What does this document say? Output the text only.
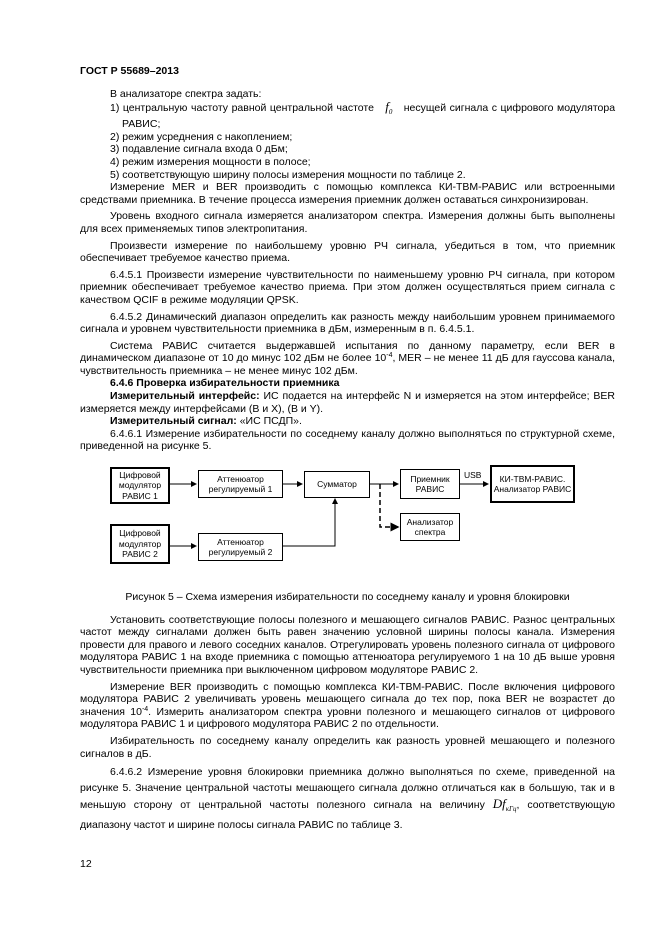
ГОСТ Р 55689–2013

В анализаторе спектра задать:

1) центральную частоту равной центральной частоте $f_0$ несущей сигнала с цифрового модулятора РАВИС;

2) режим усреднения с накоплением;

3) подавление сигнала входа 0 дБм;

4) режим измерения мощности в полосе;

5) соответствующую ширину полосы измерения мощности по таблице 2.

Измерение MER и BER производить с помощью комплекса КИ-ТВМ-РАВИС или встроенными средствами приемника. В течение процесса измерения приемник должен оставаться синхронизирован.

Уровень входного сигнала измеряется анализатором спектра. Измерения должны быть выполнены для всех применяемых типов электропитания.

Произвести измерение по наибольшему уровню РЧ сигнала, убедиться в том, что приемник обеспечивает требуемое качество приема.

6.4.5.1 Произвести измерение чувствительности по наименьшему уровню РЧ сигнала, при котором приемник обеспечивает требуемое качество приема. При этом должен осуществляться прием сигнала с качеством QCIF в режиме модуляции QPSK.

6.4.5.2 Динамический диапазон определить как разность между наибольшим уровнем принимаемого сигнала и уровнем чувствительности приемника в дБм, измеренным в п. 6.4.5.1.

Система РАВИС считается выдержавшей испытания по данному параметру, если BER в динамическом диапазоне от 10 до минус 102 дБм не более $10^{-4}$, MER – не менее 11 дБ для гауссова канала, чувствительность приемника – не менее минус 102 дБм.

6.4.6 Проверка избирательности приемника

Измерительный интерфейс: ИС подается на интерфейс N и измеряется на этом интерфейсе; BER измеряется между интерфейсами (B и X), (B и Y).

Измерительный сигнал: «ИС ПСДП».

6.4.6.1 Измерение избирательности по соседнему каналу должно выполняться по структурной схеме, приведенной на рисунке 5.

Цифровой модулятор РАВИС 1
Цифровой модулятор РАВИС 2
Аттенюатор регулируемый 1
Аттенюатор регулируемый 2
Сумматор
Приемник РАВИС
USB	КИ-ТВМ-РАВИС. Анализатор РАВИС
Анализатор спектра

Рисунок 5 – Схема измерения избирательности по соседнему каналу и уровня блокировки

Установить соответствующие полосы полезного и мешающего сигналов РАВИС. Разнос центральных частот между сигналами должен быть равен значению условной ширины полосы канала. Измерения провести для правого и левого соседних каналов. Отрегулировать уровень полезного сигнала от цифрового модулятора РАВИС 1 на входе приемника с помощью аттенюатора регулируемого 1 на 10 дБ выше уровня чувствительности приемника при выключенном цифровом модуляторе РАВИС 2.

Измерение BER производить с помощью комплекса КИ-ТВМ-РАВИС. После включения цифрового модулятора РАВИС 2 увеличивать уровень мешающего сигнала до тех пор, пока BER не возрастет до значения $10^{-4}$. Измерить анализатором спектра уровни полезного и мешающего сигналов от цифрового модулятора РАВИС 1 и цифрового модулятора РАВИС 2 по отдельности.

Избирательность по соседнему каналу определить как разность уровней мешающего и полезного сигналов в дБ.

6.4.6.2 Измерение уровня блокировки приемника должно выполняться по схеме, приведенной на рисунке 5. Значение центральной частоты мешающего сигнала должно отличаться как в большую, так и в меньшую сторону от центральной частоты полезного сигнала на величину $Df_{кГц}$, соответствующую диапазону частот и ширине полосы сигнала РАВИС по таблице 3.

12
